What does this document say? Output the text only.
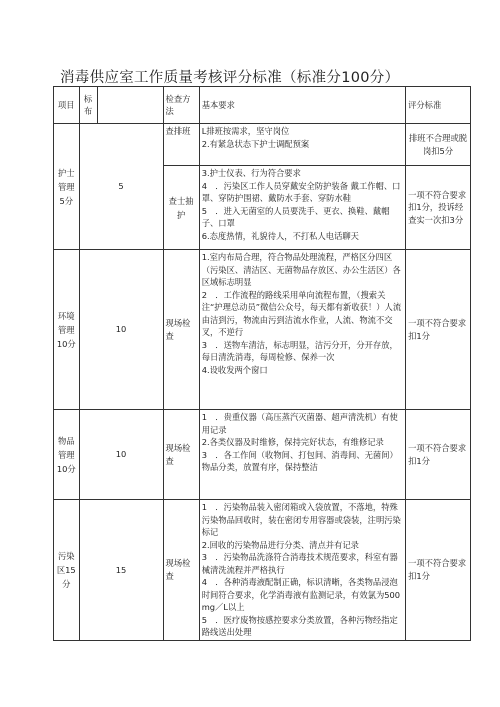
消毒供应室工作质量考核评分标准（标准分100分）
项目	标布		检查方法	基本要求	评分标准
护士管理5分	5		查排班	L排班按需求，坚守岗位
2.有紧急状态下护士调配预案	排班不合理或脱岗扣5分
			查士抽护	3.护士仪表、行为符合要求
4　．污染区工作人员穿戴安全防护装备 戴工作帽、口罩、穿防护围裙、戴防水手套、穿防水鞋
5　．进入无菌室的人员要洗手、更衣、换鞋、戴帽子、口罩
6.态度热情，礼貌待人，不打私人电话聊天	一项不符合要求扣1分，投诉经查实一次扣3分
环境管理10分	10		现场检查	1.室内布局合理，符合物品处理流程，严格区分四区（污染区、清洁区、无菌物品存放区、办公生活区）各区域标志明显
2　．工作流程的路线采用单向流程布置，（搜索关注“护理总动员”微信公众号，每天都有新收获！）人流由洁到污，物流由污到洁流水作业，人流、物流不交叉，不逆行
3　．送物车清洁，标志明显，洁污分开，分开存放，每日清洗消毒，每周检修、保养一次
4.设收发两个窗口	一项不符合要求扣1分
物品管理10分	10		现场检查	1　．贵重仪器（高压蒸汽灭菌器、超声清洗机）有使用记录
2.各类仪器及时维修，保持完好状态，有维修记录
3　．各工作间（收物间、打包间、消毒间、无菌间）物品分类，放置有序，保持整洁	一项不符合要求扣1分
污染区15分	15		现场检查	1　．污染物品装入密闭箱或入袋放置，不落地，特殊污染物品回收时，装在密闭专用容器或袋装，注明污染标记
2.回收的污染物品进行分类、清点并有记录
3　．污染物品洗涤符合消毒技术规范要求，科室有器械清洗流程并严格执行
4　．各种消毒液配制正确，标识清晰，各类物品浸泡时间符合要求，化学消毒液有监测记录，有效氯为500mg／L以上
5　．医疗废物按感控要求分类放置，各种污物经指定路线送出处理	一项不符合要求扣1分
